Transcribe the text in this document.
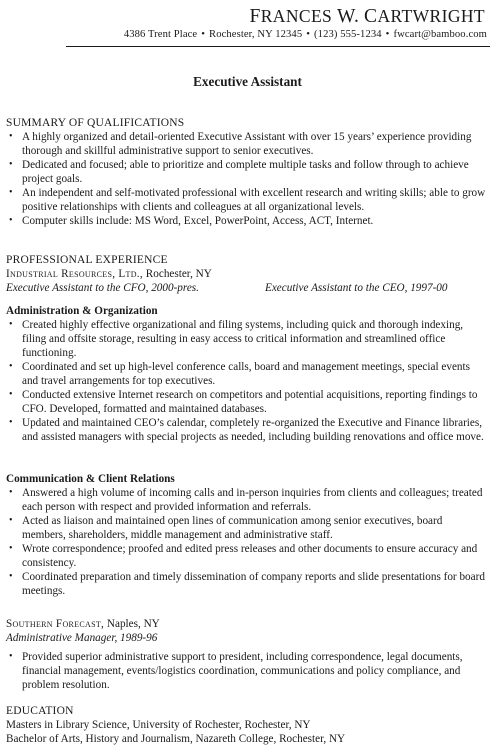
FRANCES W. CARTWRIGHT
4386 Trent Place • Rochester, NY 12345 • (123) 555-1234 • fwcart@bamboo.com
Executive Assistant
SUMMARY OF QUALIFICATIONS
• A highly organized and detail-oriented Executive Assistant with over 15 years’ experience providing thorough and skillful administrative support to senior executives.
• Dedicated and focused; able to prioritize and complete multiple tasks and follow through to achieve project goals.
• An independent and self-motivated professional with excellent research and writing skills; able to grow positive relationships with clients and colleagues at all organizational levels.
• Computer skills include: MS Word, Excel, PowerPoint, Access, ACT, Internet.
PROFESSIONAL EXPERIENCE
Industrial Resources, Ltd., Rochester, NY
Executive Assistant to the CFO, 2000-pres.	Executive Assistant to the CEO, 1997-00
Administration & Organization
• Created highly effective organizational and filing systems, including quick and thorough indexing, filing and offsite storage, resulting in easy access to critical information and streamlined office functioning.
• Coordinated and set up high-level conference calls, board and management meetings, special events and travel arrangements for top executives.
• Conducted extensive Internet research on competitors and potential acquisitions, reporting findings to CFO. Developed, formatted and maintained databases.
• Updated and maintained CEO’s calendar, completely re-organized the Executive and Finance libraries, and assisted managers with special projects as needed, including building renovations and office move.
Communication & Client Relations
• Answered a high volume of incoming calls and in-person inquiries from clients and colleagues; treated each person with respect and provided information and referrals.
• Acted as liaison and maintained open lines of communication among senior executives, board members, shareholders, middle management and administrative staff.
• Wrote correspondence; proofed and edited press releases and other documents to ensure accuracy and consistency.
• Coordinated preparation and timely dissemination of company reports and slide presentations for board meetings.
Southern Forecast, Naples, NY
Administrative Manager, 1989-96
• Provided superior administrative support to president, including correspondence, legal documents, financial management, events/logistics coordination, communications and policy compliance, and problem resolution.
EDUCATION
Masters in Library Science, University of Rochester, Rochester, NY
Bachelor of Arts, History and Journalism, Nazareth College, Rochester, NY
